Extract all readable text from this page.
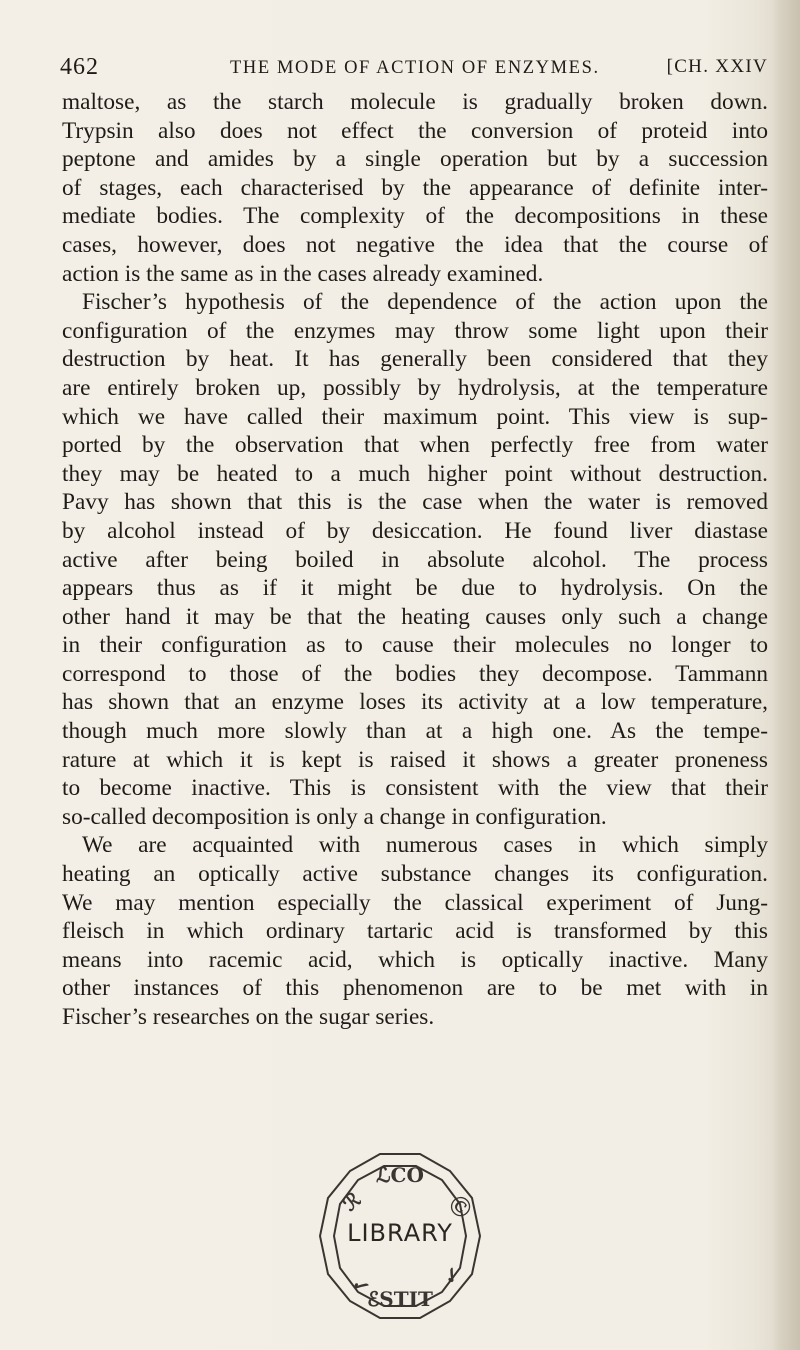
462	THE MODE OF ACTION OF ENZYMES.	[CH. XXIV

maltose, as the starch molecule is gradually broken down.

Trypsin also does not effect the conversion of proteid into

peptone and amides by a single operation but by a succession

of stages, each characterised by the appearance of definite inter-

mediate bodies. The complexity of the decompositions in these

cases, however, does not negative the idea that the course of

action is the same as in the cases already examined.

Fischer’s hypothesis of the dependence of the action upon the

configuration of the enzymes may throw some light upon their

destruction by heat. It has generally been considered that they

are entirely broken up, possibly by hydrolysis, at the temperature

which we have called their maximum point. This view is sup-

ported by the observation that when perfectly free from water

they may be heated to a much higher point without destruction.

Pavy has shown that this is the case when the water is removed

by alcohol instead of by desiccation. He found liver diastase

active after being boiled in absolute alcohol. The process

appears thus as if it might be due to hydrolysis. On the

other hand it may be that the heating causes only such a change

in their configuration as to cause their molecules no longer to

correspond to those of the bodies they decompose. Tammann

has shown that an enzyme loses its activity at a low temperature,

though much more slowly than at a high one. As the tempe-

rature at which it is kept is raised it shows a greater proneness

to become inactive. This is consistent with the view that their

so-called decomposition is only a change in configuration.

We are acquainted with numerous cases in which simply

heating an optically active substance changes its configuration.

We may mention especially the classical experiment of Jung-

fleisch in which ordinary tartaric acid is transformed by this

means into racemic acid, which is optically inactive. Many

other instances of this phenomenon are to be met with in

Fischer’s researches on the sugar series.

ℒCO
ℛ	Ⓒ
✓	✓
ℰSTIT
LIBRARY
